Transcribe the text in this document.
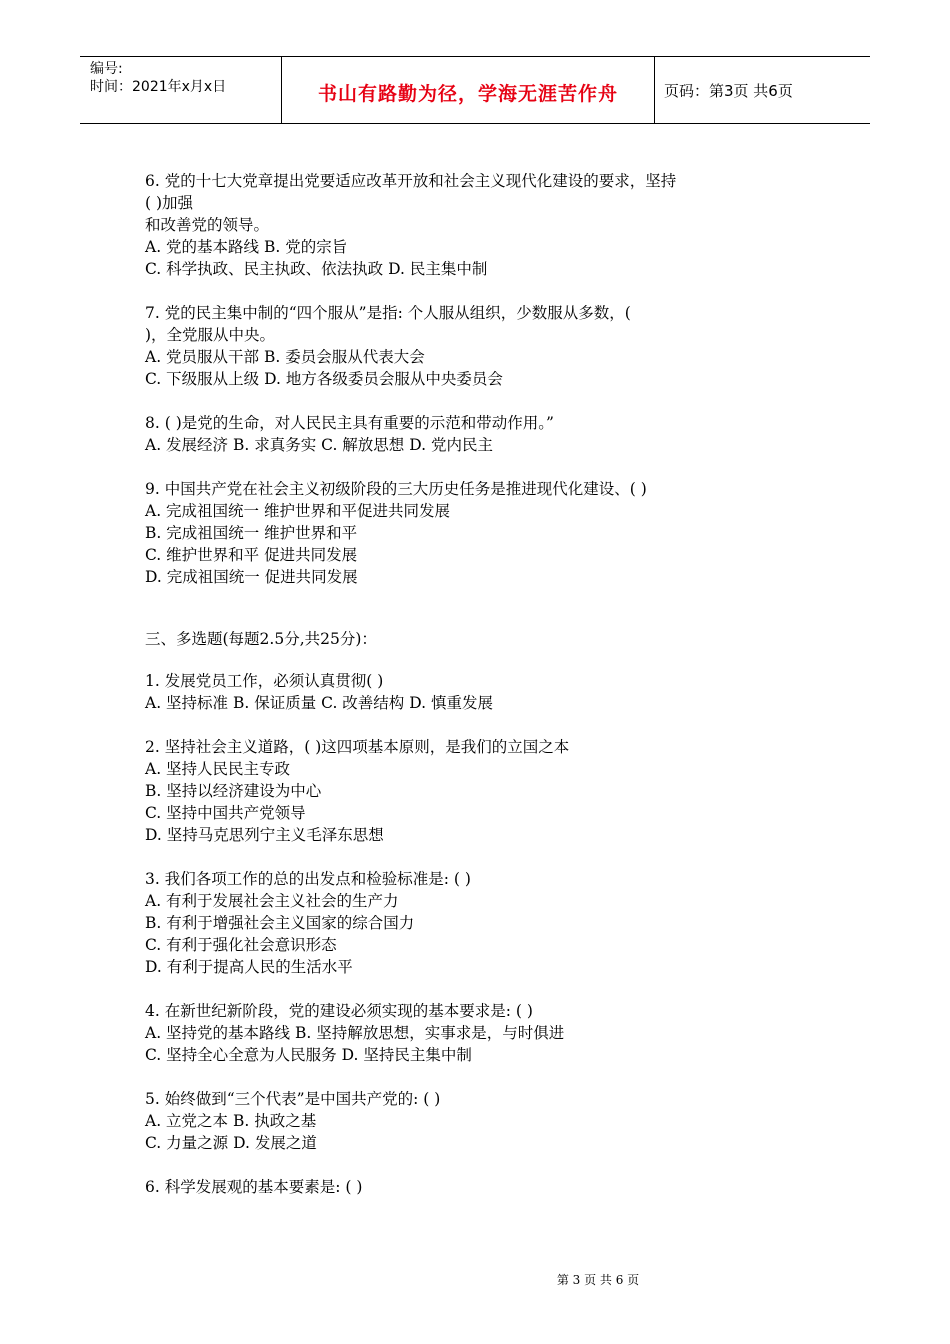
编号:
时间：2021年x月x日	书山有路勤为径，学海无涯苦作舟	页码：第3页 共6页
6. 党的十七大党章提出党要适应改革开放和社会主义现代化建设的要求，坚持
( )加强
和改善党的领导。
A. 党的基本路线 B. 党的宗旨
C. 科学执政、民主执政、依法执政 D. 民主集中制
7. 党的民主集中制的“四个服从”是指: 个人服从组织，少数服从多数，(
)，全党服从中央。
A. 党员服从干部 B. 委员会服从代表大会
C. 下级服从上级 D. 地方各级委员会服从中央委员会
8. ( )是党的生命，对人民民主具有重要的示范和带动作用。”
A. 发展经济 B. 求真务实 C. 解放思想 D. 党内民主
9. 中国共产党在社会主义初级阶段的三大历史任务是推进现代化建设、( )
A. 完成祖国统一 维护世界和平促进共同发展
B. 完成祖国统一 维护世界和平
C. 维护世界和平 促进共同发展
D. 完成祖国统一 促进共同发展
三、多选题(每题2.5分,共25分)：
1. 发展党员工作，必须认真贯彻( )
A. 坚持标准 B. 保证质量 C. 改善结构 D. 慎重发展
2. 坚持社会主义道路，( )这四项基本原则，是我们的立国之本
A. 坚持人民民主专政
B. 坚持以经济建设为中心
C. 坚持中国共产党领导
D. 坚持马克思列宁主义毛泽东思想
3. 我们各项工作的总的出发点和检验标准是: ( )
A. 有利于发展社会主义社会的生产力
B. 有利于增强社会主义国家的综合国力
C. 有利于强化社会意识形态
D. 有利于提高人民的生活水平
4. 在新世纪新阶段，党的建设必须实现的基本要求是: ( )
A. 坚持党的基本路线 B. 坚持解放思想，实事求是，与时俱进
C. 坚持全心全意为人民服务 D. 坚持民主集中制
5. 始终做到“三个代表”是中国共产党的: ( )
A. 立党之本 B. 执政之基
C. 力量之源 D. 发展之道
6. 科学发展观的基本要素是: ( )
第 3 页 共 6 页
